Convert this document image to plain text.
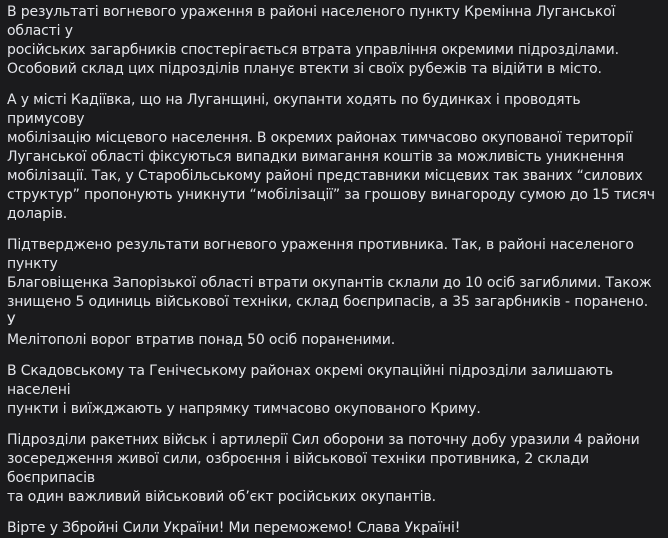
В результаті вогневого ураження в районі населеного пункту Кремінна Луганської області у
російських загарбників спостерігається втрата управління окремими підрозділами.
Особовий склад цих підрозділів планує втекти зі своїх рубежів та відійти в місто.

А у місті Кадіївка, що на Луганщині, окупанти ходять по будинках і проводять примусову
мобілізацію місцевого населення. В окремих районах тимчасово окупованої території
Луганської області фіксуються випадки вимагання коштів за можливість уникнення
мобілізації. Так, у Старобільському районі представники місцевих так званих “силових
структур” пропонують уникнути “мобілізації” за грошову винагороду сумою до 15 тисяч
доларів.

Підтверджено результати вогневого ураження противника. Так, в районі населеного пункту
Благовіщенка Запорізької області втрати окупантів склали до 10 осіб загиблими. Також
знищено 5 одиниць військової техніки, склад боєприпасів, а 35 загарбників - поранено. У
Мелітополі ворог втратив понад 50 осіб пораненими.

В Скадовському та Генічеському районах окремі окупаційні підрозділи залишають населені
пункти і виїжджають у напрямку тимчасово окупованого Криму.

Підрозділи ракетних військ і артилерії Сил оборони за поточну добу уразили 4 райони
зосередження живої сили, озброєння і військової техніки противника, 2 склади боєприпасів
та один важливий військовий об’єкт російських окупантів.

Вірте у Збройні Сили України! Ми переможемо! Слава Україні!
